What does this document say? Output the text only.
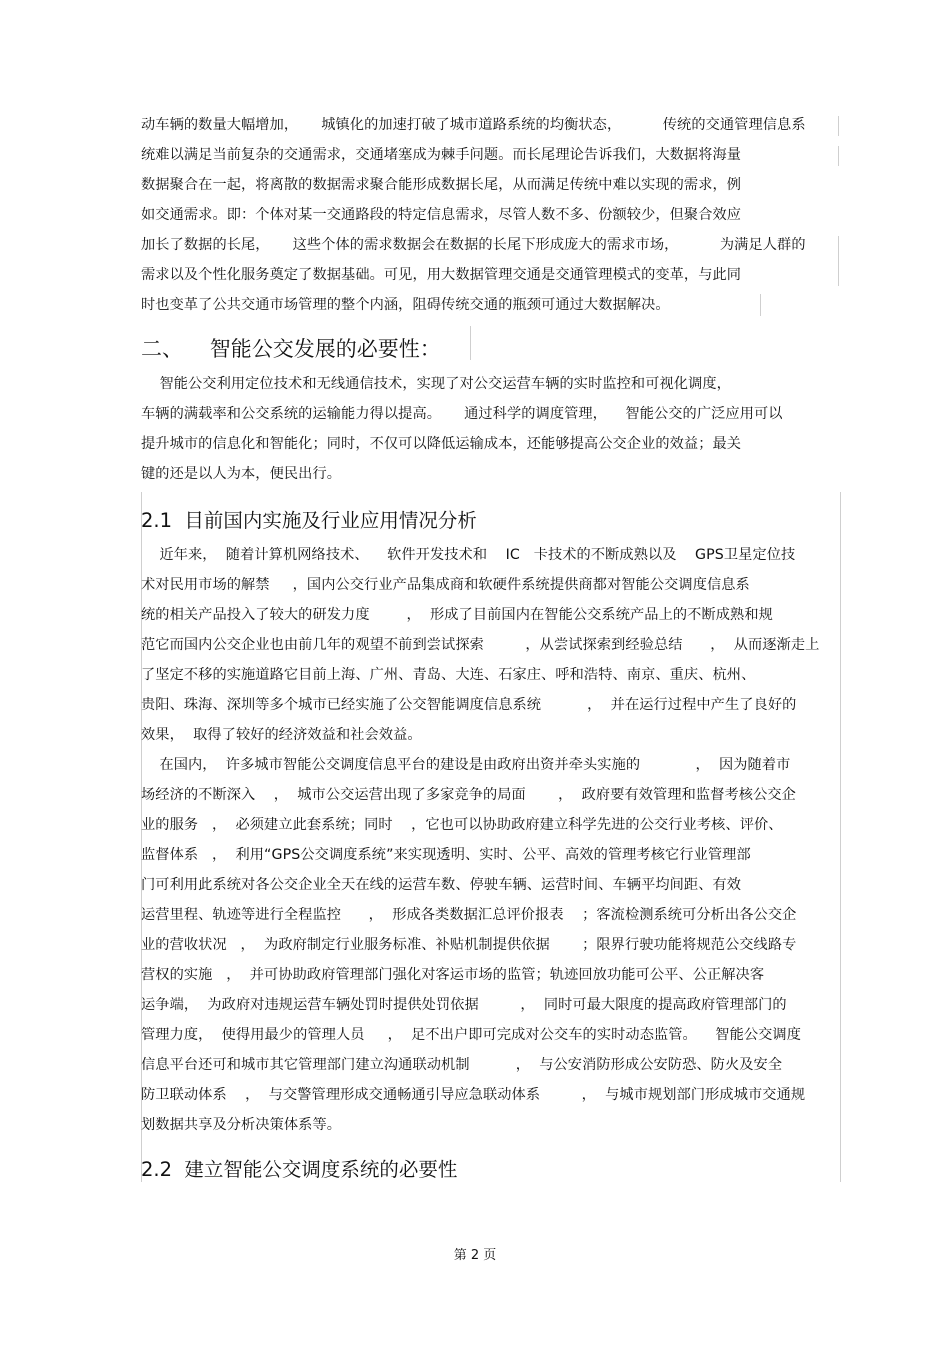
动车辆的数量大幅增加，     城镇化的加速打破了城市道路系统的均衡状态，         传统的交通管理信息系
统难以满足当前复杂的交通需求，交通堵塞成为棘手问题。而长尾理论告诉我们，大数据将海量
数据聚合在一起，将离散的数据需求聚合能形成数据长尾，从而满足传统中难以实现的需求，例
如交通需求。即：个体对某一交通路段的特定信息需求，尽管人数不多、份额较少，但聚合效应
加长了数据的长尾，     这些个体的需求数据会在数据的长尾下形成庞大的需求市场，         为满足人群的
需求以及个性化服务奠定了数据基础。可见，用大数据管理交通是交通管理模式的变革，与此同
时也变革了公共交通市场管理的整个内涵，阻碍传统交通的瓶颈可通过大数据解决。
二、    智能公交发展的必要性：
智能公交利用定位技术和无线通信技术，实现了对公交运营车辆的实时监控和可视化调度，
车辆的满载率和公交系统的运输能力得以提高。     通过科学的调度管理，    智能公交的广泛应用可以
提升城市的信息化和智能化；同时，不仅可以降低运输成本，还能够提高公交企业的效益；最关
键的还是以人为本，便民出行。
2.1  目前国内实施及行业应用情况分析
近年来，  随着计算机网络技术、    软件开发技术和    IC   卡技术的不断成熟以及    GPS卫星定位技
术对民用市场的解禁     ，国内公交行业产品集成商和软硬件系统提供商都对智能公交调度信息系
统的相关产品投入了较大的研发力度        ，  形成了目前国内在智能公交系统产品上的不断成熟和规
范它而国内公交企业也由前几年的观望不前到尝试探索         ，从尝试探索到经验总结      ，  从而逐渐走上
了坚定不移的实施道路它目前上海、广州、青岛、大连、石家庄、呼和浩特、南京、重庆、杭州、
贵阳、珠海、深圳等多个城市已经实施了公交智能调度信息系统          ，  并在运行过程中产生了良好的
效果，  取得了较好的经济效益和社会效益。
在国内，  许多城市智能公交调度信息平台的建设是由政府出资并牵头实施的            ，  因为随着市
场经济的不断深入    ，  城市公交运营出现了多家竞争的局面       ，  政府要有效管理和监督考核公交企
业的服务   ，  必须建立此套系统；同时    ，它也可以协助政府建立科学先进的公交行业考核、评价、
监督体系   ，  利用“GPS公交调度系统”来实现透明、实时、公平、高效的管理考核它行业管理部
门可利用此系统对各公交企业全天在线的运营车数、停驶车辆、运营时间、车辆平均间距、有效
运营里程、轨迹等进行全程监控      ，  形成各类数据汇总评价报表    ；客流检测系统可分析出各公交企
业的营收状况   ，  为政府制定行业服务标准、补贴机制提供依据       ；限界行驶功能将规范公交线路专
营权的实施   ，  并可协助政府管理部门强化对客运市场的监管；轨迹回放功能可公平、公正解决客
运争端，  为政府对违规运营车辆处罚时提供处罚依据         ，  同时可最大限度的提高政府管理部门的
管理力度，  使得用最少的管理人员     ，  足不出户即可完成对公交车的实时动态监管。    智能公交调度
信息平台还可和城市其它管理部门建立沟通联动机制          ，  与公安消防形成公安防恐、防火及安全
防卫联动体系    ，  与交警管理形成交通畅通引导应急联动体系         ，  与城市规划部门形成城市交通规
划数据共享及分析决策体系等。
2.2  建立智能公交调度系统的必要性
第 2 页
